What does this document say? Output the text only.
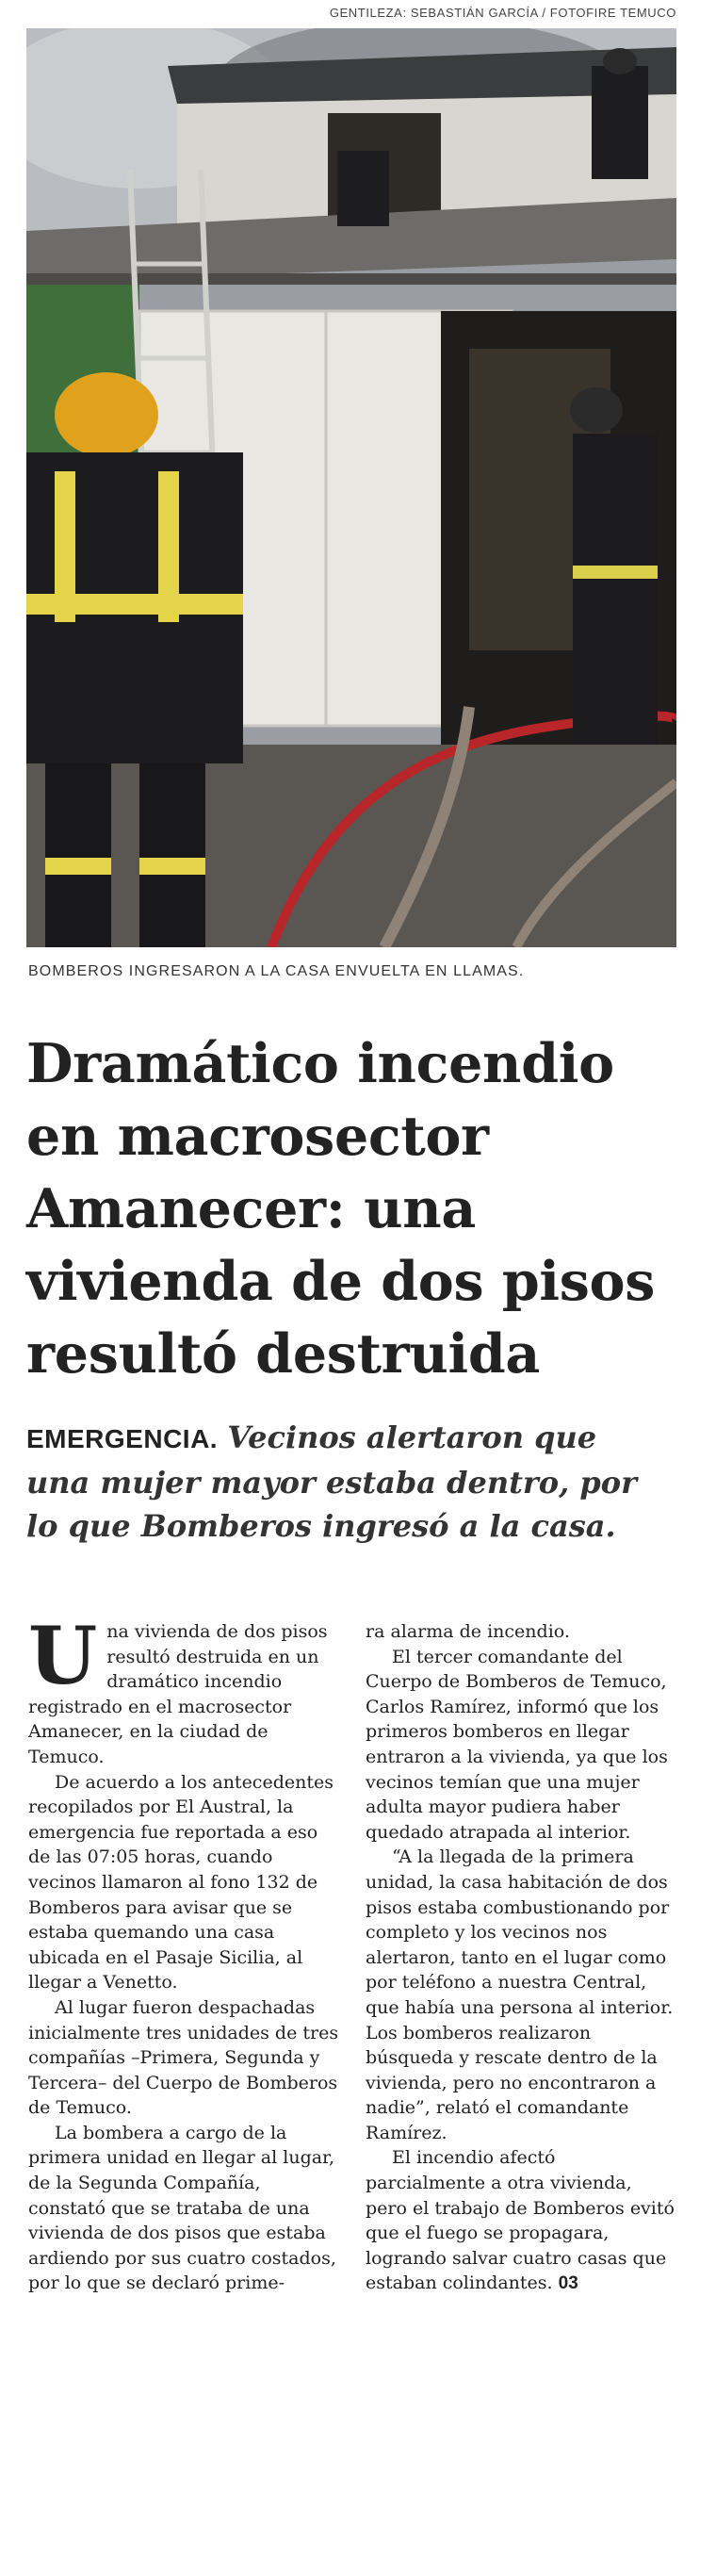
GENTILEZA: SEBASTIÁN GARCÍA / FOTOFIRE TEMUCO
BOMBEROS INGRESARON A LA CASA ENVUELTA EN LLAMAS.
Dramático incendio
en macrosector
Amanecer: una
vivienda de dos pisos
resultó destruida
EMERGENCIA. Vecinos alertaron que
una mujer mayor estaba dentro, por
lo que Bomberos ingresó a la casa.

Una vivienda de dos pisos resultó destruida en un dramático incendio registrado en el macrosector Amanecer, en la ciudad de Temuco.

De acuerdo a los antecedentes recopilados por El Austral, la emergencia fue reportada a eso de las 07:05 horas, cuando vecinos llamaron al fono 132 de Bomberos para avisar que se estaba quemando una casa ubicada en el Pasaje Sicilia, al llegar a Venetto.

Al lugar fueron despachadas inicialmente tres unidades de tres compañías –Primera, Segunda y Tercera– del Cuerpo de Bomberos de Temuco.

La bombera a cargo de la primera unidad en llegar al lugar, de la Segunda Compañía, constató que se trataba de una vivienda de dos pisos que estaba ardiendo por sus cuatro costados, por lo que se declaró prime-

ra alarma de incendio.

El tercer comandante del Cuerpo de Bomberos de Temuco, Carlos Ramírez, informó que los primeros bomberos en llegar entraron a la vivienda, ya que los vecinos temían que una mujer adulta mayor pudiera haber quedado atrapada al interior.

“A la llegada de la primera unidad, la casa habitación de dos pisos estaba combustionando por completo y los vecinos nos alertaron, tanto en el lugar como por teléfono a nuestra Central, que había una persona al interior. Los bomberos realizaron búsqueda y rescate dentro de la vivienda, pero no encontraron a nadie”, relató el comandante Ramírez.

El incendio afectó parcialmente a otra vivienda, pero el trabajo de Bomberos evitó que el fuego se propagara, logrando salvar cuatro casas que estaban colindantes. 03
